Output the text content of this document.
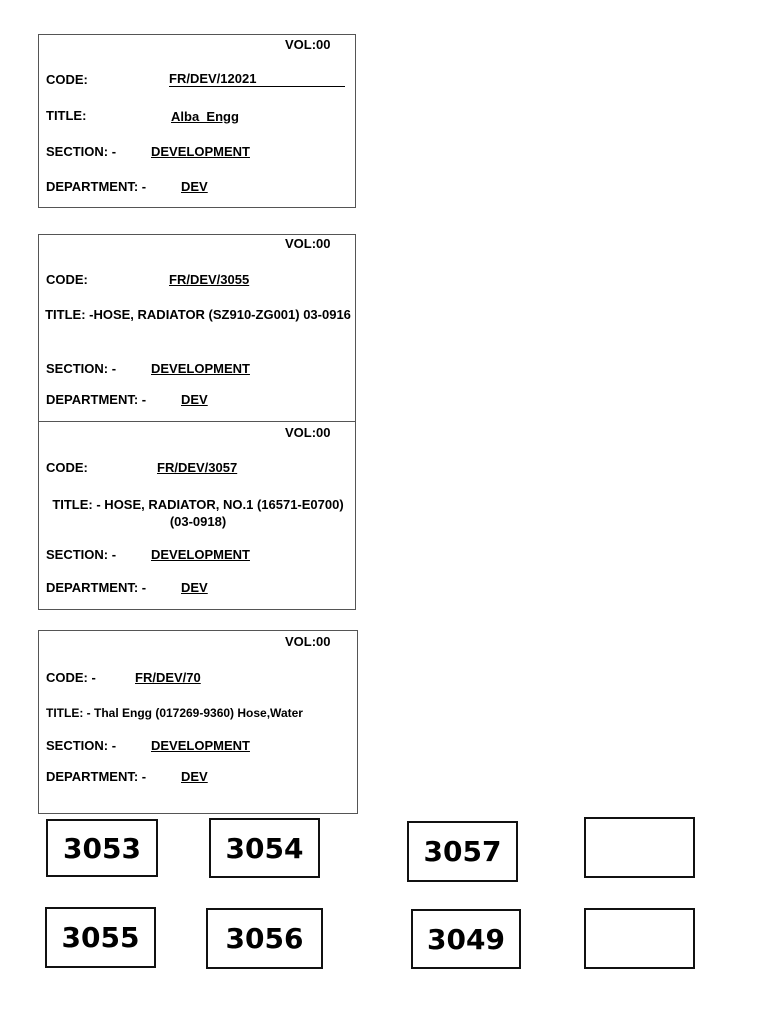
VOL:00
CODE:	FR/DEV/12021
TITLE:	Alba  Engg
SECTION: -	DEVELOPMENT
DEPARTMENT: -	DEV
VOL:00
CODE:	FR/DEV/3055
TITLE: -HOSE, RADIATOR (SZ910-ZG001) 03-0916
SECTION: -	DEVELOPMENT
DEPARTMENT: -	DEV
VOL:00
CODE:	FR/DEV/3057
TITLE: - HOSE, RADIATOR, NO.1 (16571-E0700)(03-0918)
SECTION: -	DEVELOPMENT
DEPARTMENT: -	DEV
VOL:00
CODE: -	FR/DEV/70
TITLE: - Thal Engg (017269-9360) Hose,Water
SECTION: -	DEVELOPMENT
DEPARTMENT: -	DEV
3053	3054	3057
3055	3056	3049
